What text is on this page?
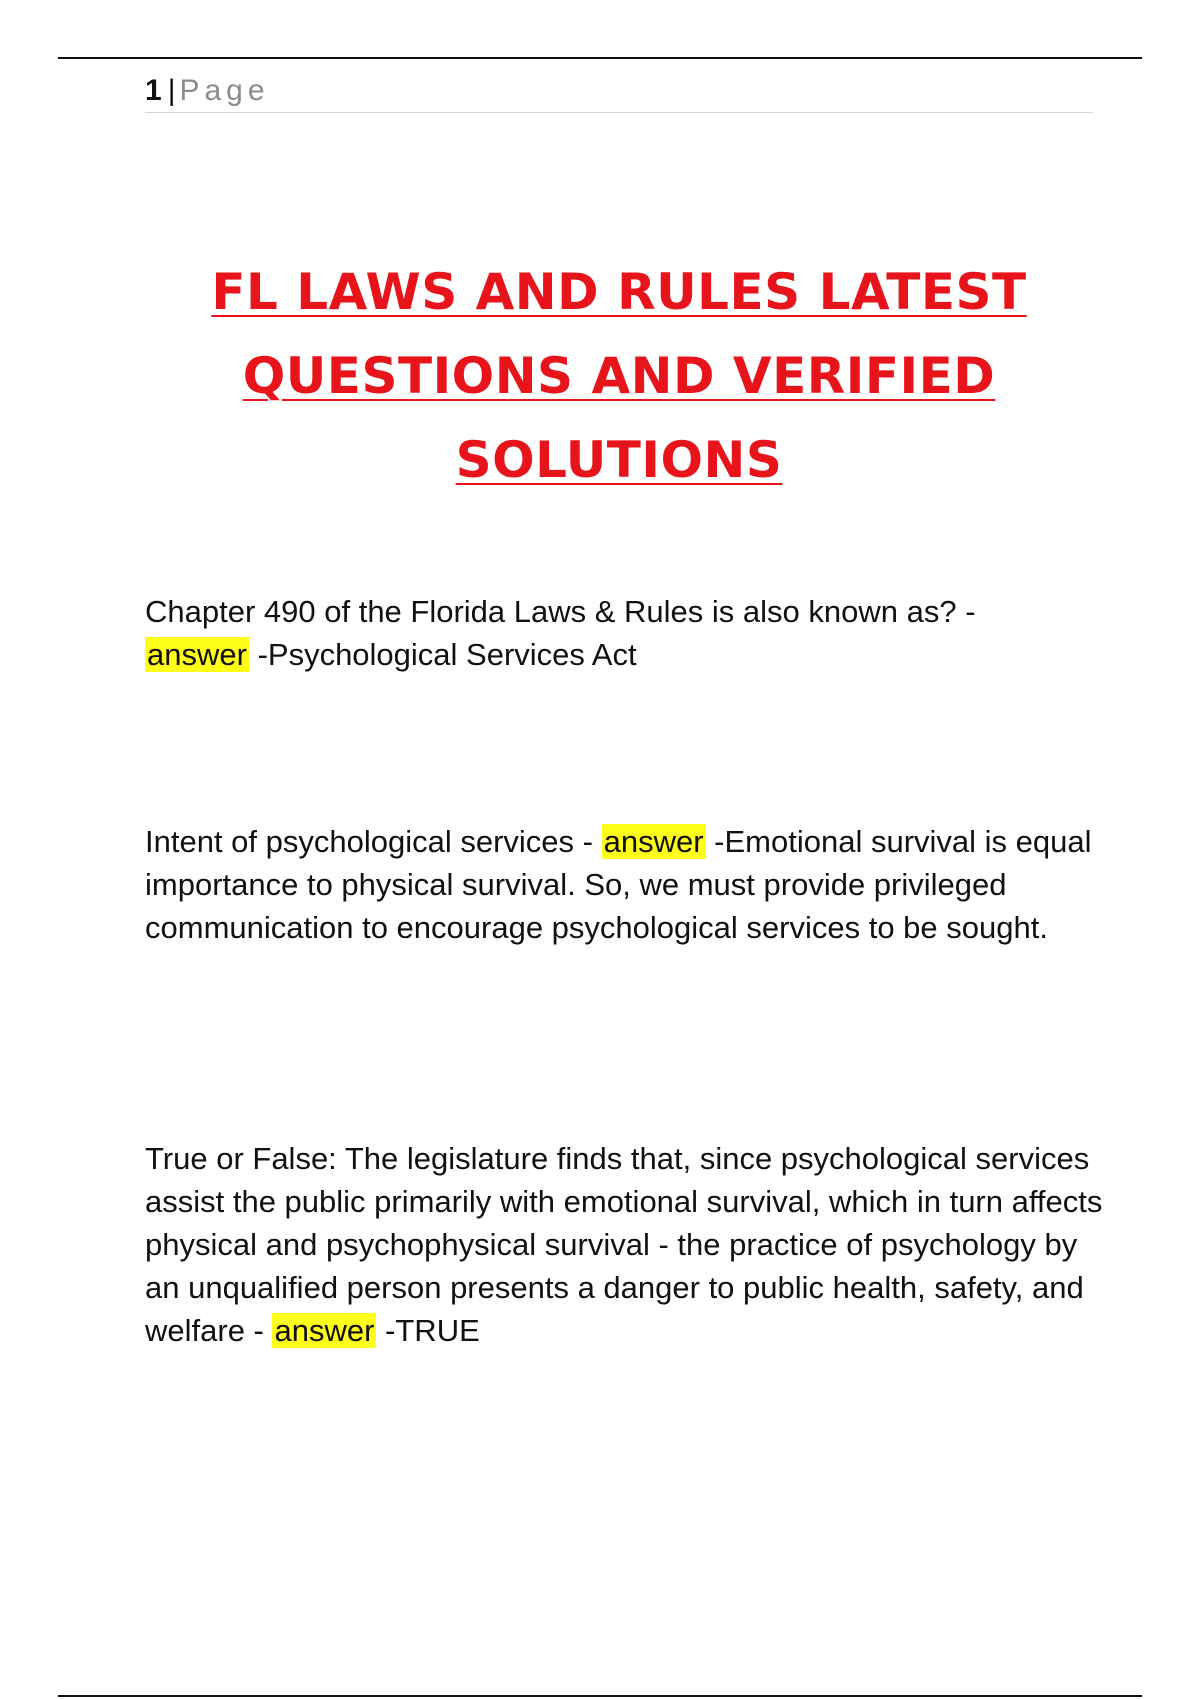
1 | Page
FL LAWS AND RULES LATEST
QUESTIONS AND VERIFIED
SOLUTIONS
Chapter 490 of the Florida Laws & Rules is also known as? -
answer -Psychological Services Act
Intent of psychological services - answer -Emotional survival is equal importance to physical survival. So, we must provide privileged communication to encourage psychological services to be sought.
True or False: The legislature finds that, since psychological services assist the public primarily with emotional survival, which in turn affects physical and psychophysical survival - the practice of psychology by an unqualified person presents a danger to public health, safety, and welfare - answer -TRUE
